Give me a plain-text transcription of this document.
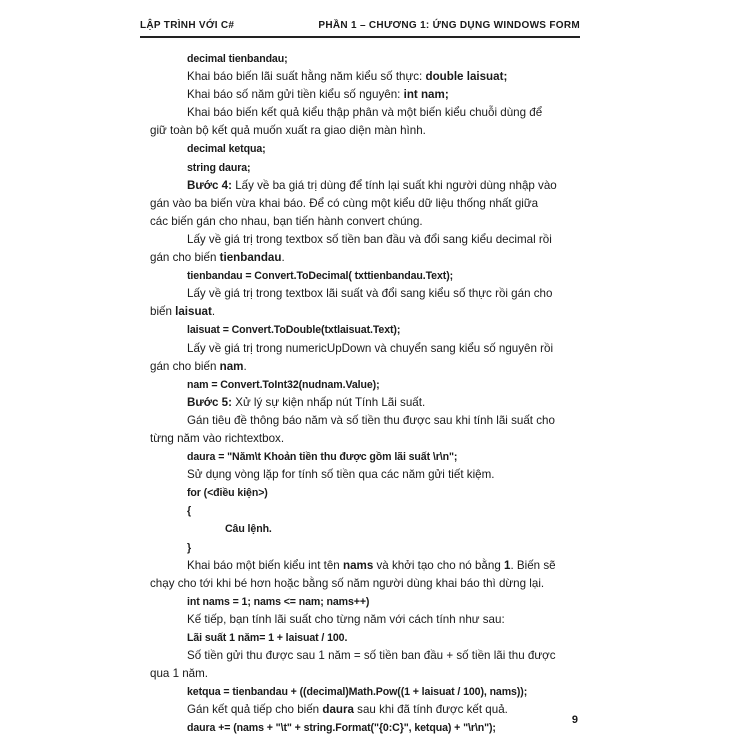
LẬP TRÌNH VỚI C#	PHẦN 1 – CHƯƠNG 1: ỨNG DỤNG WINDOWS FORM
decimal tienbandau;
Khai báo biến lãi suất hằng năm kiểu số thực: double laisuat;
Khai báo số năm gửi tiền kiểu số nguyên: int nam;
Khai báo biến kết quả kiểu thập phân và một biến kiểu chuỗi dùng để
giữ toàn bộ kết quả muốn xuất ra giao diện màn hình.
decimal ketqua;
string daura;
Bước 4: Lấy về ba giá trị dùng để tính lại suất khi người dùng nhập vào
gán vào ba biến vừa khai báo. Để có cùng một kiểu dữ liệu thống nhất giữa
các biến gán cho nhau, bạn tiến hành convert chúng.
Lấy về giá trị trong textbox số tiền ban đầu và đổi sang kiểu decimal rồi
gán cho biến tienbandau.
tienbandau = Convert.ToDecimal( txttienbandau.Text);
Lấy về giá trị trong textbox lãi suất và đổi sang kiểu số thực rồi gán cho
biến laisuat.
laisuat = Convert.ToDouble(txtlaisuat.Text);
Lấy về giá trị trong numericUpDown và chuyển sang kiểu số nguyên rồi
gán cho biến nam.
nam = Convert.ToInt32(nudnam.Value);
Bước 5: Xử lý sự kiện nhấp nút Tính Lãi suất.
Gán tiêu đề thông báo năm và số tiền thu được sau khi tính lãi suất cho
từng năm vào richtextbox.
daura = "Năm\t Khoản tiền thu được gồm lãi suất \r\n";
Sử dụng vòng lặp for tính số tiền qua các năm gửi tiết kiệm.
for (<điều kiện>)
{
Câu lệnh.
}
Khai báo một biến kiểu int tên nams và khởi tạo cho nó bằng 1. Biến sẽ
chạy cho tới khi bé hơn hoặc bằng số năm người dùng khai báo thì dừng lại.
int nams = 1; nams <= nam; nams++)
Kế tiếp, bạn tính lãi suất cho từng năm với cách tính như sau:
Lãi suất 1 năm= 1 + laisuat / 100.
Số tiền gửi thu được sau 1 năm = số tiền ban đầu + số tiền lãi thu được
qua 1 năm.
ketqua = tienbandau + ((decimal)Math.Pow((1 + laisuat / 100), nams));
Gán kết quả tiếp cho biến daura sau khi đã tính được kết quả.
daura += (nams + "\t" + string.Format("{0:C}", ketqua) + "\r\n");
9
